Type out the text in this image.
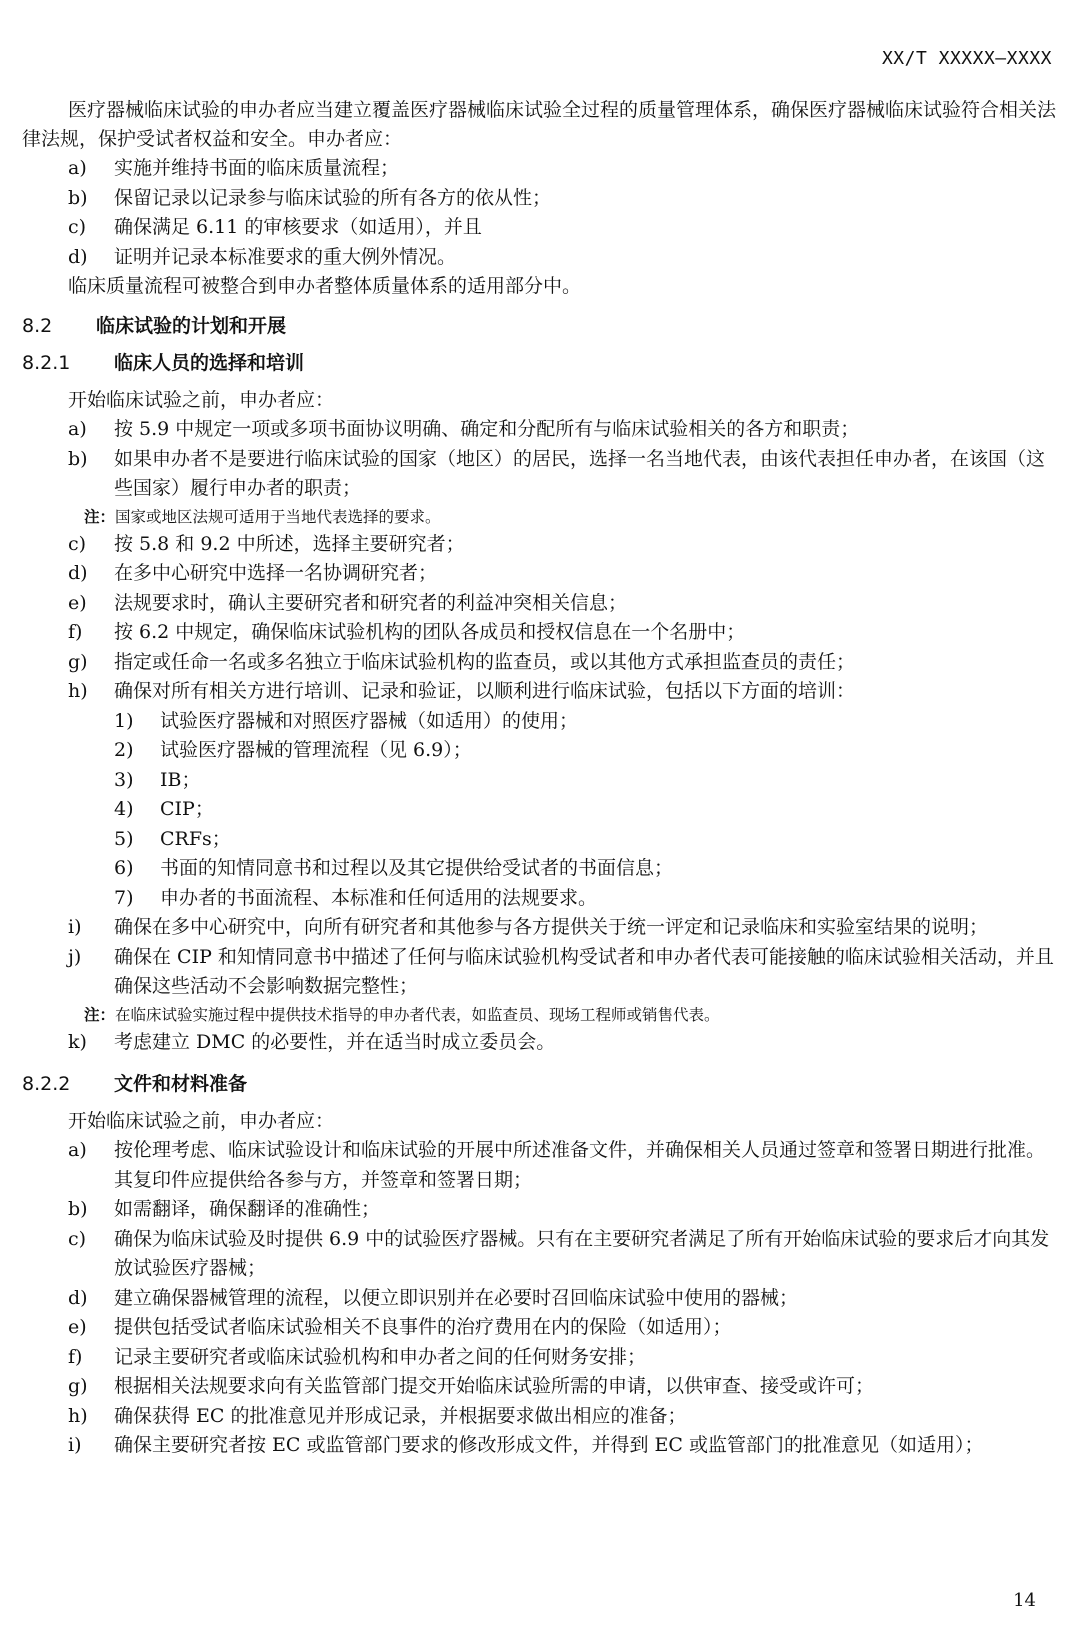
XX/T XXXXX—XXXX

医疗器械临床试验的申办者应当建立覆盖医疗器械临床试验全过程的质量管理体系，确保医疗器械临床试验符合相关法律法规，保护受试者权益和安全。申办者应：

a)	实施并维持书面的临床质量流程；
b)	保留记录以记录参与临床试验的所有各方的依从性；
c)	确保满足 6.11 的审核要求（如适用），并且
d)	证明并记录本标准要求的重大例外情况。

临床质量流程可被整合到申办者整体质量体系的适用部分中。

8.2	临床试验的计划和开展
8.2.1	临床人员的选择和培训

开始临床试验之前，申办者应：

a)	按 5.9 中规定一项或多项书面协议明确、确定和分配所有与临床试验相关的各方和职责；
b)	如果申办者不是要进行临床试验的国家（地区）的居民，选择一名当地代表，由该代表担任申办者，在该国（这些国家）履行申办者的职责；
注：国家或地区法规可适用于当地代表选择的要求。
c)	按 5.8 和 9.2 中所述，选择主要研究者；
d)	在多中心研究中选择一名协调研究者；
e)	法规要求时，确认主要研究者和研究者的利益冲突相关信息；
f)	按 6.2 中规定，确保临床试验机构的团队各成员和授权信息在一个名册中；
g)	指定或任命一名或多名独立于临床试验机构的监查员，或以其他方式承担监查员的责任；
h)	确保对所有相关方进行培训、记录和验证，以顺利进行临床试验，包括以下方面的培训：
1)	试验医疗器械和对照医疗器械（如适用）的使用；
2)	试验医疗器械的管理流程（见 6.9）；
3)	IB；
4)	CIP；
5)	CRFs；
6)	书面的知情同意书和过程以及其它提供给受试者的书面信息；
7)	申办者的书面流程、本标准和任何适用的法规要求。
i)	确保在多中心研究中，向所有研究者和其他参与各方提供关于统一评定和记录临床和实验室结果的说明；
j)	确保在 CIP 和知情同意书中描述了任何与临床试验机构受试者和申办者代表可能接触的临床试验相关活动，并且确保这些活动不会影响数据完整性；
注：在临床试验实施过程中提供技术指导的申办者代表，如监查员、现场工程师或销售代表。
k)	考虑建立 DMC 的必要性，并在适当时成立委员会。
8.2.2	文件和材料准备

开始临床试验之前，申办者应：

a)	按伦理考虑、临床试验设计和临床试验的开展中所述准备文件，并确保相关人员通过签章和签署日期进行批准。其复印件应提供给各参与方，并签章和签署日期；
b)	如需翻译，确保翻译的准确性；
c)	确保为临床试验及时提供 6.9 中的试验医疗器械。只有在主要研究者满足了所有开始临床试验的要求后才向其发放试验医疗器械；
d)	建立确保器械管理的流程，以便立即识别并在必要时召回临床试验中使用的器械；
e)	提供包括受试者临床试验相关不良事件的治疗费用在内的保险（如适用）；
f)	记录主要研究者或临床试验机构和申办者之间的任何财务安排；
g)	根据相关法规要求向有关监管部门提交开始临床试验所需的申请，以供审查、接受或许可；
h)	确保获得 EC 的批准意见并形成记录，并根据要求做出相应的准备；
i)	确保主要研究者按 EC 或监管部门要求的修改形成文件，并得到 EC 或监管部门的批准意见（如适用）；
14
